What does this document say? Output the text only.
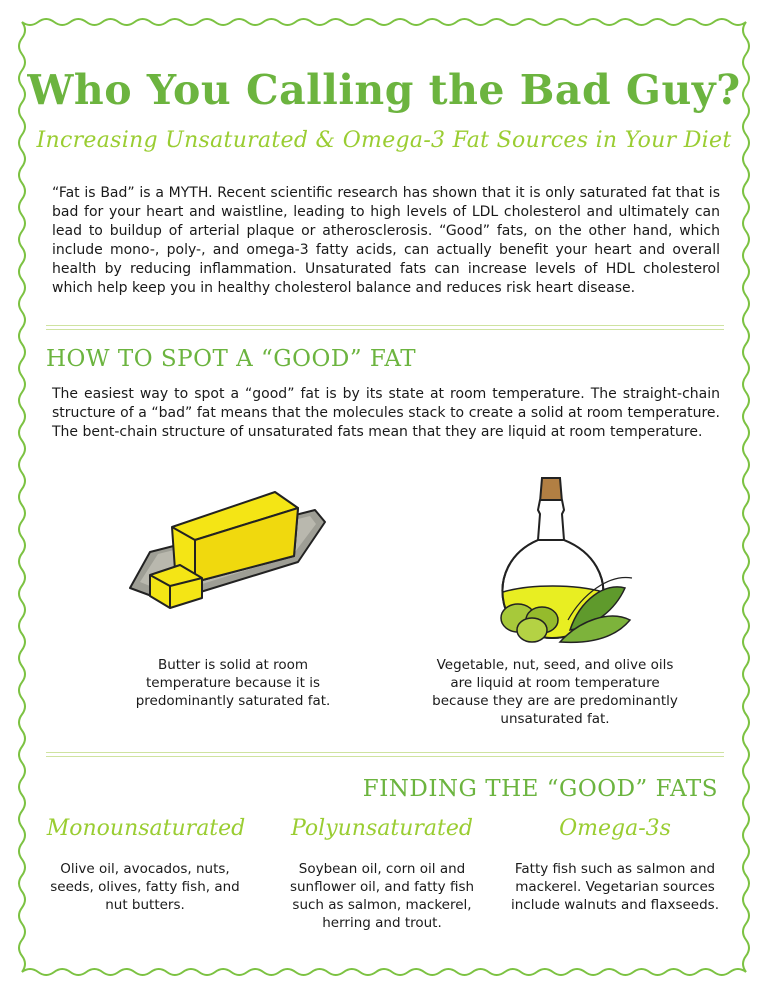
Who You Calling the Bad Guy?
Increasing Unsaturated & Omega-3 Fat Sources in Your Diet
“Fat is Bad” is a MYTH. Recent scientific research has shown that it is only saturated fat that is bad for your heart and waistline, leading to high levels of LDL cholesterol and ultimately can lead to buildup of arterial plaque or atherosclerosis. “Good” fats, on the other hand, which include mono-, poly-, and omega-3 fatty acids, can actually benefit your heart and overall health by reducing inflammation. Unsaturated fats can increase levels of HDL cholesterol which help keep you in healthy cholesterol balance and reduces risk heart disease.
HOW TO SPOT A “GOOD” FAT
The easiest way to spot a “good” fat is by its state at room temperature. The straight-chain structure of a “bad” fat means that the molecules stack to create a solid at room temperature. The bent-chain structure of unsaturated fats mean that they are liquid at room temperature.
Butter is solid at room temperature because it is predominantly saturated fat.
Vegetable, nut, seed, and olive oils are liquid at room temperature because they are are predominantly unsaturated fat.
FINDING THE “GOOD” FATS
Monounsaturated	Polyunsaturated	Omega-3s
Olive oil, avocados, nuts, seeds, olives, fatty fish, and nut butters.
Soybean oil, corn oil and sunflower oil, and fatty fish such as salmon, mackerel, herring and trout.
Fatty fish such as salmon and mackerel. Vegetarian sources include walnuts and flaxseeds.
